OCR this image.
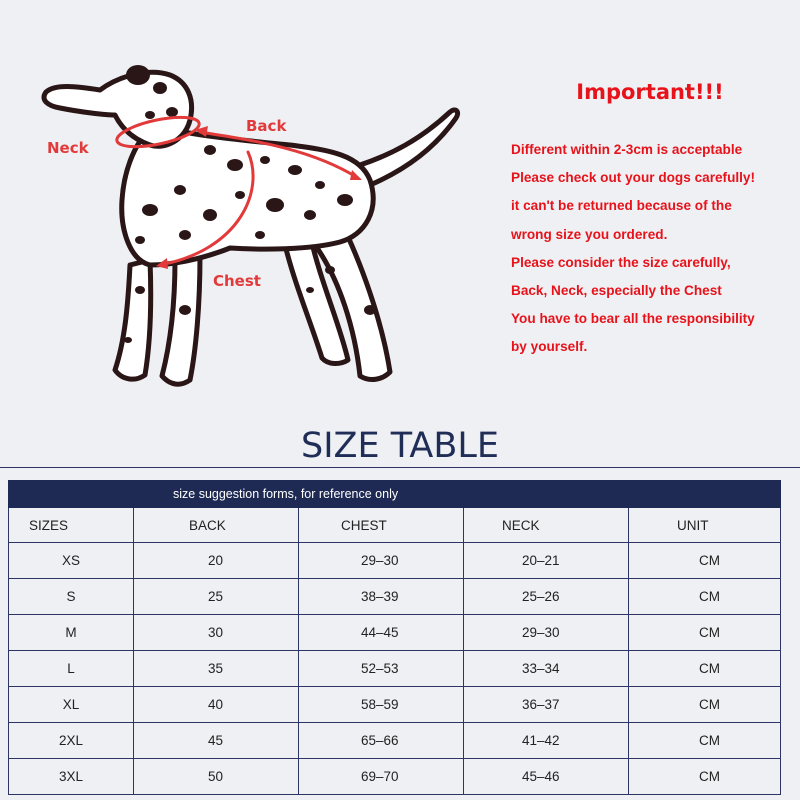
Neck
Back
Chest
Important!!!
Different within 2-3cm is acceptable
Please check out your dogs carefully!
it can't be returned because of the
wrong size you ordered.
Please consider the size carefully,
Back, Neck, especially the Chest
You have to bear all the responsibility
by yourself.
SIZE TABLE
size suggestion forms, for reference only				
SIZES	BACK	CHEST	NECK	UNIT
XS	20	29–30	20–21	CM
S	25	38–39	25–26	CM
M	30	44–45	29–30	CM
L	35	52–53	33–34	CM
XL	40	58–59	36–37	CM
2XL	45	65–66	41–42	CM
3XL	50	69–70	45–46	CM
